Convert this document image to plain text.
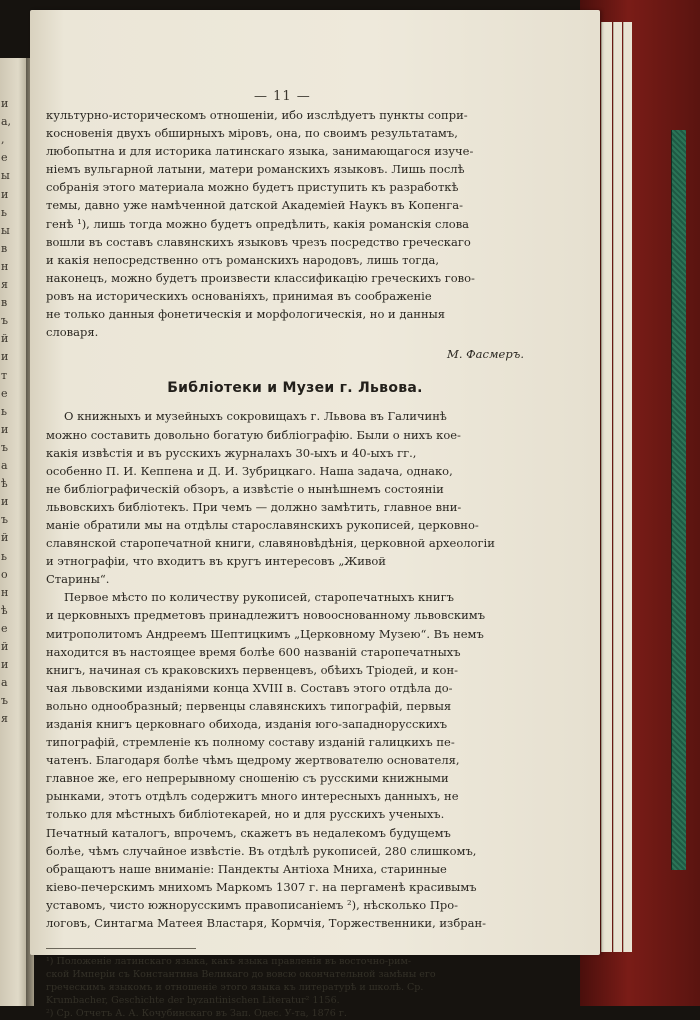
и
а,
,
е
ы
и
ь
ы
в
н
я
в
ъ
й
и
т
е
ь
и
ъ
а
ѣ
и
ъ
й
ь
о
н
ѣ
е
й
и
а
ъ
я
— 11 —

культурно-историческомъ отношенiи, ибо изслѣдуетъ пункты сопри-
косновенiя двухъ обширныхъ мiровъ, она, по своимъ результатамъ,
любопытна и для историка латинскаго языка, занимающагося изуче-
нiемъ вульгарной латыни, матери романскихъ языковъ. Лишь послѣ
собранiя этого материала можно будетъ приступить къ разработкѣ
темы, давно уже намѣченной датской Академiей Наукъ въ Копенга-
генѣ ¹), лишь тогда можно будетъ опредѣлить, какiя романскiя слова
вошли въ составъ славянскихъ языковъ чрезъ посредство греческаго
и какiя непосредственно отъ романскихъ народовъ, лишь тогда,
наконецъ, можно будетъ произвести классификацiю греческихъ гово-
ровъ на историческихъ основанiяхъ, принимая въ соображенiе
не только данныя фонетическiя и морфологическiя, но и данныя
словаря.

М. Фасмеръ.
Библiотеки и Музеи г. Львова.

О книжныхъ и музейныхъ сокровищахъ г. Львова въ Галичинѣ
можно составить довольно богатую библiографiю. Были о нихъ кое-
какiя извѣстiя и въ русскихъ журналахъ 30-ыхъ и 40-ыхъ гг.,
особенно П. И. Кеппена и Д. И. Зубрицкаго. Наша задача, однако,
не библiографическiй обзоръ, а извѣстiе о нынѣшнемъ состоянiи
львовскихъ библiотекъ. При чемъ — должно замѣтить, главное вни-
манiе обратили мы на отдѣлы старославянскихъ рукописей, церковно-
славянской старопечатной книги, славяновѣдѣнiя, церковной археологiи
и этнографiи, что входитъ въ кругъ интересовъ „Живой
Старины“.

Первое мѣсто по количеству рукописей, старопечатныхъ книгъ
и церковныхъ предметовъ принадлежитъ новооснованному львовскимъ
митрополитомъ Андреемъ Шептицкимъ „Церковному Музею“. Въ немъ
находится въ настоящее время болѣе 600 названiй старопечатныхъ
книгъ, начиная съ краковскихъ первенцевъ, обѣихъ Трiодей, и кон-
чая львовскими изданiями конца XVIII в. Составъ этого отдѣла до-
вольно однообразный; первенцы славянскихъ типографiй, первыя
изданiя книгъ церковнаго обихода, изданiя юго-западнорусскихъ
типографiй, стремленiе къ полному составу изданiй галицкихъ пе-
чатенъ. Благодаря болѣе чѣмъ щедрому жертвователю основателя,
главное же, его непрерывному сношенiю съ русскими книжными
рынками, этотъ отдѣлъ содержитъ много интересныхъ данныхъ, не
только для мѣстныхъ библiотекарей, но и для русскихъ ученыхъ.
Печатный каталогъ, впрочемъ, скажетъ въ недалекомъ будущемъ
болѣе, чѣмъ случайное извѣстiе. Въ отдѣлѣ рукописей, 280 слишкомъ,
обращаютъ наше вниманiе: Пандекты Антiоха Мниха, старинные
кiево-печерскимъ мнихомъ Маркомъ 1307 г. на пергаменѣ красивымъ
уставомъ, чисто южнорусскимъ правописанiемъ ²), нѣсколько Про-
логовъ, Синтагма Матеея Властаря, Кормчiя, Торжественники, избран-

¹) Положенiе латинскаго языка, какъ языка правленiя въ восточно-рим-
ской Имперiи съ Константина Великаго до вовсю окончательной замѣны его
греческимъ языкомъ и отношенiе этого языка къ литературѣ и школѣ. Ср.
Krumbacher, Geschichte der byzantinischen Literatur² 1156.

²) Ср. Отчетъ А. А. Кочубинскаго въ Зап. Одес. У-та, 1876 г.
